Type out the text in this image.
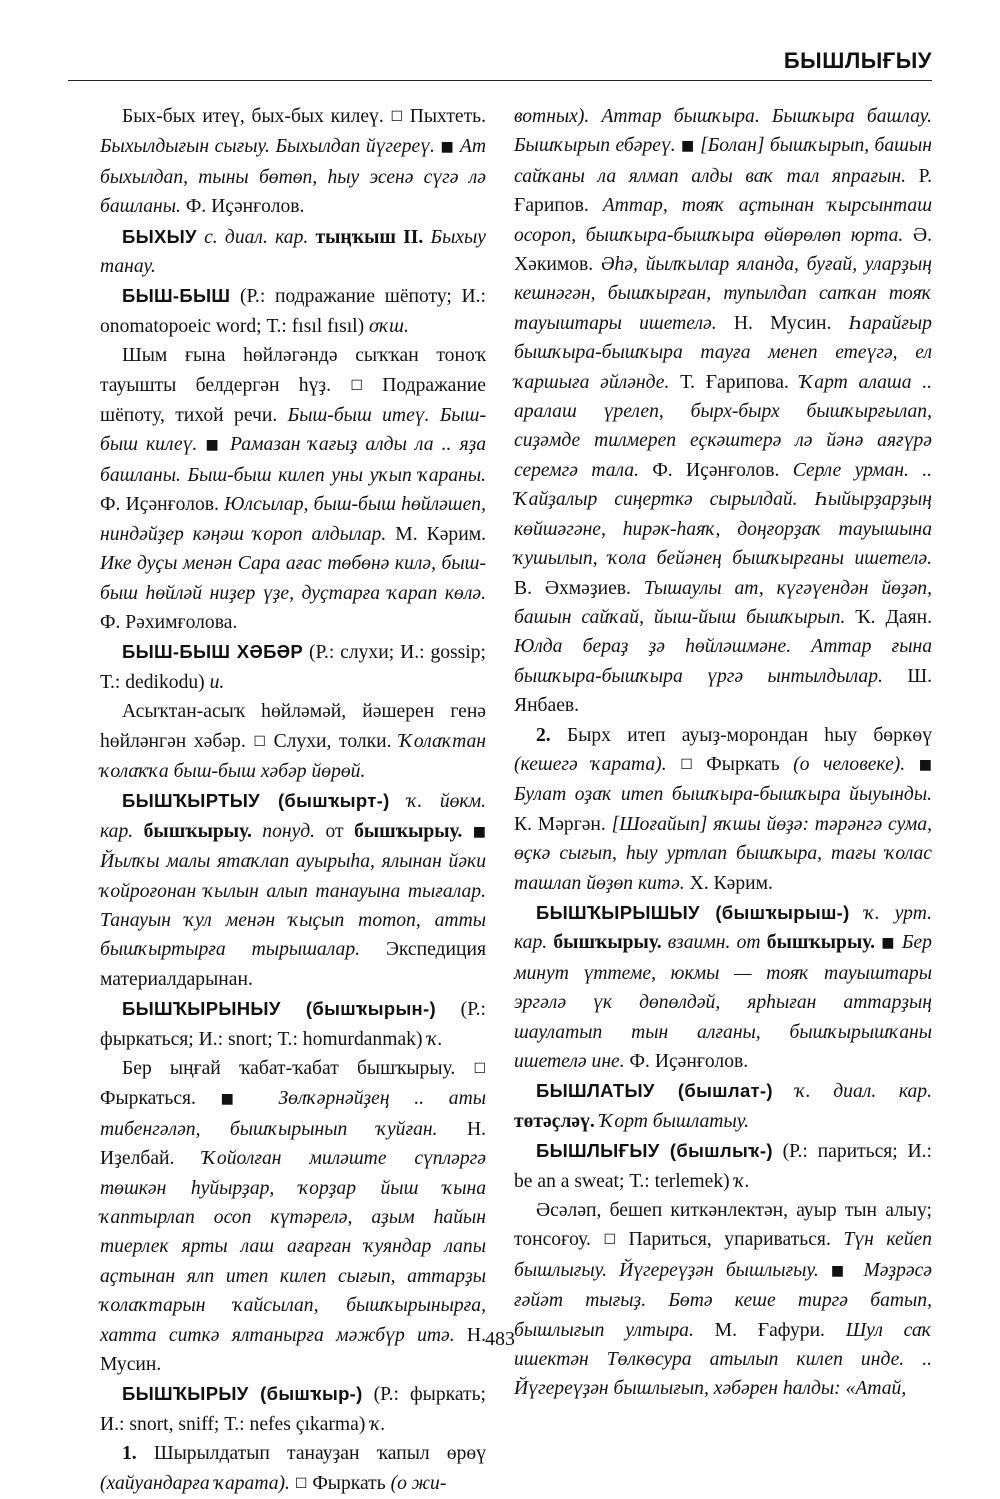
БЫШЛЫҒЫУ

Бых-бых итеү, бых-бых килеү. ☐ Пыхтеть. Быхылдығын сығыу. Быхылдап йүгерeү. ■ Ат быхылдап, тыны бөтөп, һыу эсенә сүгә лә башланы. Ф. Иҫәнғолов.

БЫХЫУ с. диал. кар. тыңҡыш II. Быхыу танау.

БЫШ-БЫШ (Р.: подражание шёпоту; И.: onomatopoeic word; Т.: fısıl fısıl) оҡш.

Шым ғына һөйләгәндә сыҡҡан тоноҡ тауышты белдергән һүҙ. ☐ Подражание шёпоту, тихой речи. Быш-быш итеү. Быш-быш килеү. ■ Рамазан ҡағыҙ алды ла .. яҙа башланы. Быш-быш килеп уны уҡып ҡараны. Ф. Иҫәнғолов. Юлсылар, быш-быш һөйләшеп, ниндәйҙер кәңәш ҡороп алдылар. М. Кәрим. Ике дуҫы менән Сара ағас төбөнә килә, быш-быш һөйләй ниҙер үҙе, дуҫтарға ҡарап көлә. Ф. Рәхимғолова.

БЫШ-БЫШ ХӘБӘР (Р.: слухи; И.: gossip; Т.: dedikodu) и.

Асыҡтан-асыҡ һөйләмәй, йәшерен генә һөйләнгән хәбәр. ☐ Слухи, толки. Ҡолаҡтан ҡолаҡҡа быш-быш хәбәр йөрөй.

БЫШҠЫРТЫУ (бышҡырт-) ҡ. йөкм. кар. бышҡырыу. понуд. от бышҡырыу. ■ Йылҡы малы ятаҡлап ауырыһа, ялынан йәки ҡойроғонан ҡылын алып танауына тығалар. Танауын ҡул менән ҡыҫып тотоп, атты бышҡыртырға тырышалар. Экспедиция материалдарынан.

БЫШҠЫРЫНЫУ (бышҡырын-) (Р.: фыркаться; И.: snort; Т.: homurdanmak) ҡ.

Бер ыңғай ҡабат-ҡабат бышҡырыу. ☐ Фыркаться. ■ Зөлҡәрнәйҙең .. аты тибенгәләп, бышҡырынып ҡуйған. Н. Иҙелбай. Ҡойолған миләште сүпләргә төшкән һуйырҙар, ҡорҙар йыш ҡына ҡаптырлап осоп күтәрелә, аҙым һайын тиерлек ярты лаш ағарған ҡуяндар лапы аҫтынан ялп итеп килеп сығып, аттарҙы ҡолаҡтарын ҡайсылап, бышҡырынырға, хатта ситкә ялтанырға мәжбүр итә. Н. Мусин.

БЫШҠЫРЫУ (бышҡыр-) (Р.: фыркать; И.: snort, sniff; Т.: nefes çıkarma) ҡ.

1. Шырылдатып танауҙан ҡапыл өрөү (хайуандарға ҡарата). ☐ Фыркать (о жи-

вотных). Аттар бышҡыра. Бышҡыра башлау. Бышҡырып ебәреү. ■ [Болан] бышҡырып, башын сайҡаны ла ялмап алды ваҡ тал япрағын. Р. Ғарипов. Аттар, тояҡ аҫтынан ҡырсынташ осороп, бышҡыра-бышҡыра өйөрөлөп юрта. Ә. Хәкимов. Әһә, йылҡылар яланда, буғай, уларҙың кешнәгән, бышҡырған, тупылдап сапҡан тояҡ тауыштары ишетелә. Н. Мусин. Һарайғыр бышҡыра-бышҡыра тауға менеп етеүгә, ел ҡаршыға әйләнде. Т. Ғарипова. Ҡарт алаша .. аралаш үрелеп, бырх-бырх бышҡырғылап, сиҙәмде тилмереп еҫкәштерә лә йәнә аяғүрә серемгә тала. Ф. Иҫәнғолов. Серле урман. .. Ҡайҙалыр сиңерткә сырылдай. Һыйырҙарҙың көйшәгәне, һирәк-һаяҡ, доңғорҙаҡ тауышына ҡушылып, ҡола бейәнең бышҡырғаны ишетелә. В. Әхмәҙиев. Тышаулы ат, күгәүендән йөҙәп, башын сайҡай, йыш-йыш бышҡырып. Ҡ. Даян. Юлда бераҙ ҙә һөйләшмәне. Аттар ғына бышҡыра-бышҡыра үргә ынтылдылар. Ш. Янбаев.

2. Бырх итеп ауыҙ-морондан һыу бөркөү (кешегә ҡарата). ☐ Фыркать (о человеке). ■ Булат оҙаҡ итеп бышҡыра-бышҡыра йыуынды. К. Мәргән. [Шоғайып] яҡшы йөҙә: тәрәнгә сума, өҫкә сығып, һыу уртлап бышҡыра, тағы ҡолас ташлап йөҙөп китә. Х. Кәрим.

БЫШҠЫРЫШЫУ (бышҡырыш-) ҡ. урт. кар. бышҡырыу. взаимн. от бышҡырыу. ■ Бер минут үттеме, юкмы — тояҡ тауыштары эргәлә үк дөпөлдәй, ярһыған аттарҙың шаулатып тын алғаны, бышҡырышҡаны ишетелә ине. Ф. Иҫәнғолов.

БЫШЛАТЫУ (бышлат-) ҡ. диал. кар. төтәҫләү. Ҡорт бышлатыу.

БЫШЛЫҒЫУ (бышлыҡ-) (Р.: париться; И.: be an a sweat; Т.: terlemek) ҡ.

Әсәләп, бешеп киткәнлектән, ауыр тын алыу; тонсоғоу. ☐ Париться, упариваться. Түн кейеп бышлығыу. Йүгереүҙән бышлығыу. ■ Мәҙрәсә ғәйәт тығыҙ. Бөтә кеше тиргә батып, бышлығып ултыра. М. Ғафури. Шул саҡ ишектән Төлкөсура атылып килеп инде. .. Йүгереүҙән бышлығып, хәбәрен һалды: «Атай,

483
